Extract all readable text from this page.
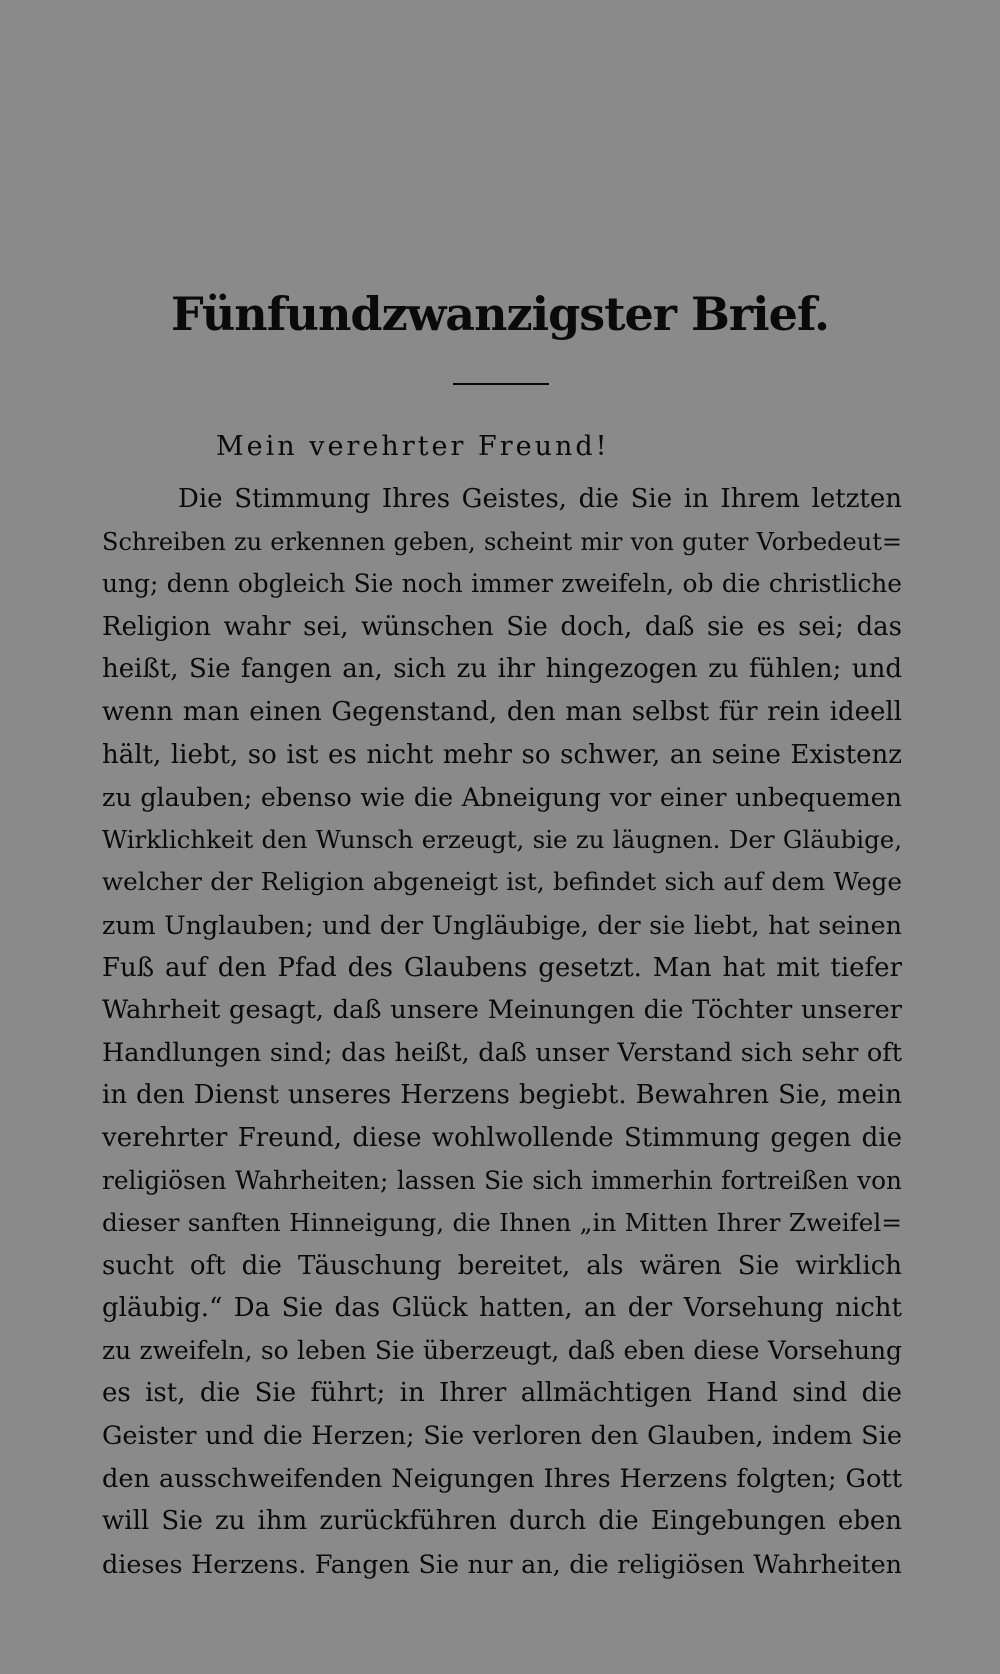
Fünfundzwanzigster Brief.
Mein verehrter Freund!
Die Stimmung Ihres Geistes, die Sie in Ihrem letzten
Schreiben zu erkennen geben, scheint mir von guter Vorbedeut=
ung; denn obgleich Sie noch immer zweifeln, ob die christliche
Religion wahr sei, wünschen Sie doch, daß sie es sei; das
heißt, Sie fangen an, sich zu ihr hingezogen zu fühlen; und
wenn man einen Gegenstand, den man selbst für rein ideell
hält, liebt, so ist es nicht mehr so schwer, an seine Existenz
zu glauben; ebenso wie die Abneigung vor einer unbequemen
Wirklichkeit den Wunsch erzeugt, sie zu läugnen. Der Gläubige,
welcher der Religion abgeneigt ist, befindet sich auf dem Wege
zum Unglauben; und der Ungläubige, der sie liebt, hat seinen
Fuß auf den Pfad des Glaubens gesetzt. Man hat mit tiefer
Wahrheit gesagt, daß unsere Meinungen die Töchter unserer
Handlungen sind; das heißt, daß unser Verstand sich sehr oft
in den Dienst unseres Herzens begiebt. Bewahren Sie, mein
verehrter Freund, diese wohlwollende Stimmung gegen die
religiösen Wahrheiten; lassen Sie sich immerhin fortreißen von
dieser sanften Hinneigung, die Ihnen „in Mitten Ihrer Zweifel=
sucht oft die Täuschung bereitet, als wären Sie wirklich
gläubig.“ Da Sie das Glück hatten, an der Vorsehung nicht
zu zweifeln, so leben Sie überzeugt, daß eben diese Vorsehung
es ist, die Sie führt; in Ihrer allmächtigen Hand sind die
Geister und die Herzen; Sie verloren den Glauben, indem Sie
den ausschweifenden Neigungen Ihres Herzens folgten; Gott
will Sie zu ihm zurückführen durch die Eingebungen eben
dieses Herzens. Fangen Sie nur an, die religiösen Wahrheiten
